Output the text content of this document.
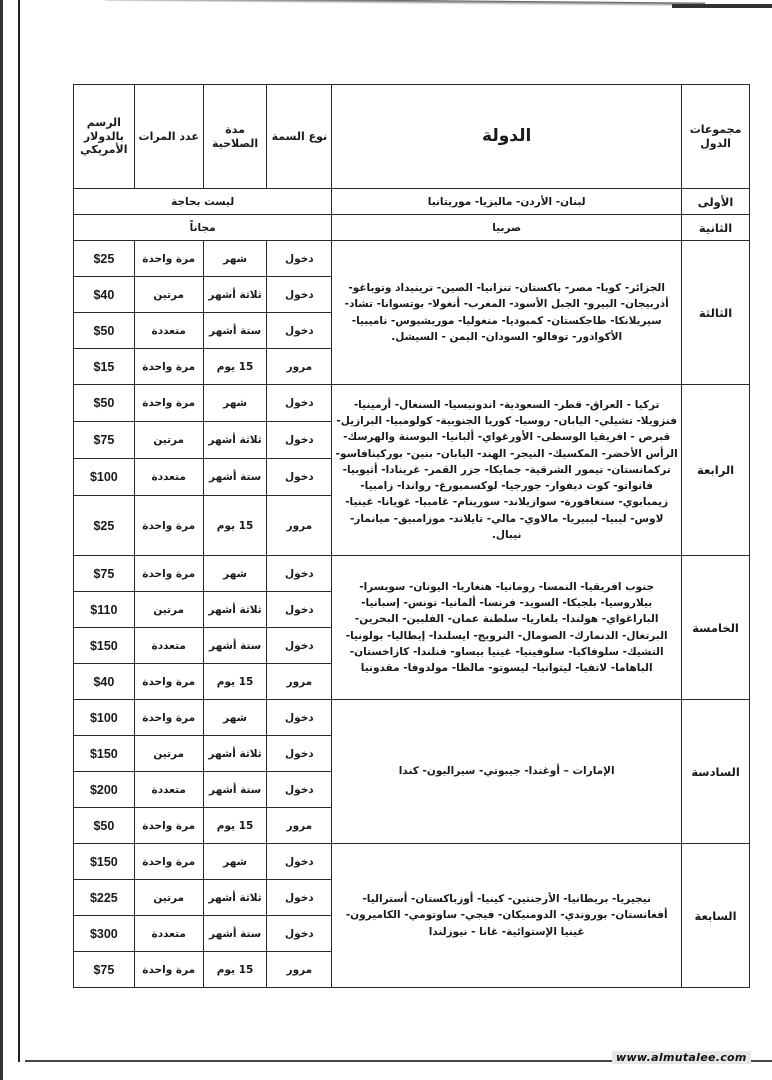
مجموعات الدول	الدولة	نوع السمة	مدة الصلاحية	عدد المرات	الرسم بالدولار الأمريكي
الأولى	لبنان- الأردن- ماليزيا- موريتانيا	ليست بحاجة			
الثانية	صربيا	مجاناً			
الثالثة	الجزائر- كوبا- مصر- باكستان- تنزانيا- الصين- ترينيداد وتوباغو- أذربيجان- البيرو- الجبل الأسود- المغرب- أنغولا- بوتسوانا- تشاد- سيريلانكا- طاجكستان- كمبوديا- منغوليا- موريشيوس- ناميبيا- الأكوادور- توفالو- السودان- اليمن - السيشل.	دخول	شهر	مرة واحدة	$25
		دخول	ثلاثة أشهر	مرتين	$40
		دخول	ستة أشهر	متعددة	$50
		مرور	15 يوم	مرة واحدة	$15
الرابعة	تركيا - العراق- قطر- السعودية- اندونيسيا- السنغال- أرمينيا- فنزويلا- تشيلي- اليابان- روسيا- كوريا الجنوبية- كولومبيا- البرازيل- قبرص - افريقيا الوسطى- الأورغواي- ألبانيا- البوسنة والهرسك- الرأس الأخضر- المكسيك- النيجر- الهند- اليابان- بنين- بوركينافاسو- تركمانستان- تيمور الشرقية- جمايكا- جزر القمر- غرينادا- أثيوبيا- فانواتو- كوت ديفوار- جورجيا- لوكسمبورغ- رواندا- زامبيا- زيمبابوي- سنغافورة- سوازيلاند- سورينام- غامبيا- غويانا- غينيا- لاوس- ليبيا- ليبيريا- مالاوي- مالي- تايلاند- موزامبيق- ميانمار- نيبال.	دخول	شهر	مرة واحدة	$50
		دخول	ثلاثة أشهر	مرتين	$75
		دخول	ستة أشهر	متعددة	$100
		مرور	15 يوم	مرة واحدة	$25
الخامسة	جنوب افريقيا- النمسا- رومانيا- هنغاريا- اليونان- سويسرا- بيلاروسيا- بلجيكا- السويد- فرنسا- ألمانيا- تونس- إسبانيا- الباراغواي- هولندا- بلغاريا- سلطنة عمان- الفلبين- البحرين- البرتغال- الدنمارك- الصومال- النرويج- ايسلندا- إيطاليا- بولونيا- التشيك- سلوفاكيا- سلوفينيا- غينيا بيساو- فنلندا- كازاخستان- الباهاما- لاتفيا- ليتوانيا- ليسوتو- مالطا- مولدوفا- مقدونيا	دخول	شهر	مرة واحدة	$75
		دخول	ثلاثة أشهر	مرتين	$110
		دخول	ستة أشهر	متعددة	$150
		مرور	15 يوم	مرة واحدة	$40
السادسة	الإمارات – أوغندا- جيبوتي- سيراليون- كندا	دخول	شهر	مرة واحدة	$100
		دخول	ثلاثة أشهر	مرتين	$150
		دخول	ستة أشهر	متعددة	$200
		مرور	15 يوم	مرة واحدة	$50
السابعة	نيجيريا- بريطانيا- الأرجنتين- كينيا- أوزباكستان- أستراليا- أفغانستان- بوروندي- الدومنيكان- فيجي- ساوتومي- الكاميرون- غينيا الإستوائية- غانا - نيوزلندا	دخول	شهر	مرة واحدة	$150
		دخول	ثلاثة أشهر	مرتين	$225
		دخول	ستة أشهر	متعددة	$300
		مرور	15 يوم	مرة واحدة	$75
www.almutalee.com
